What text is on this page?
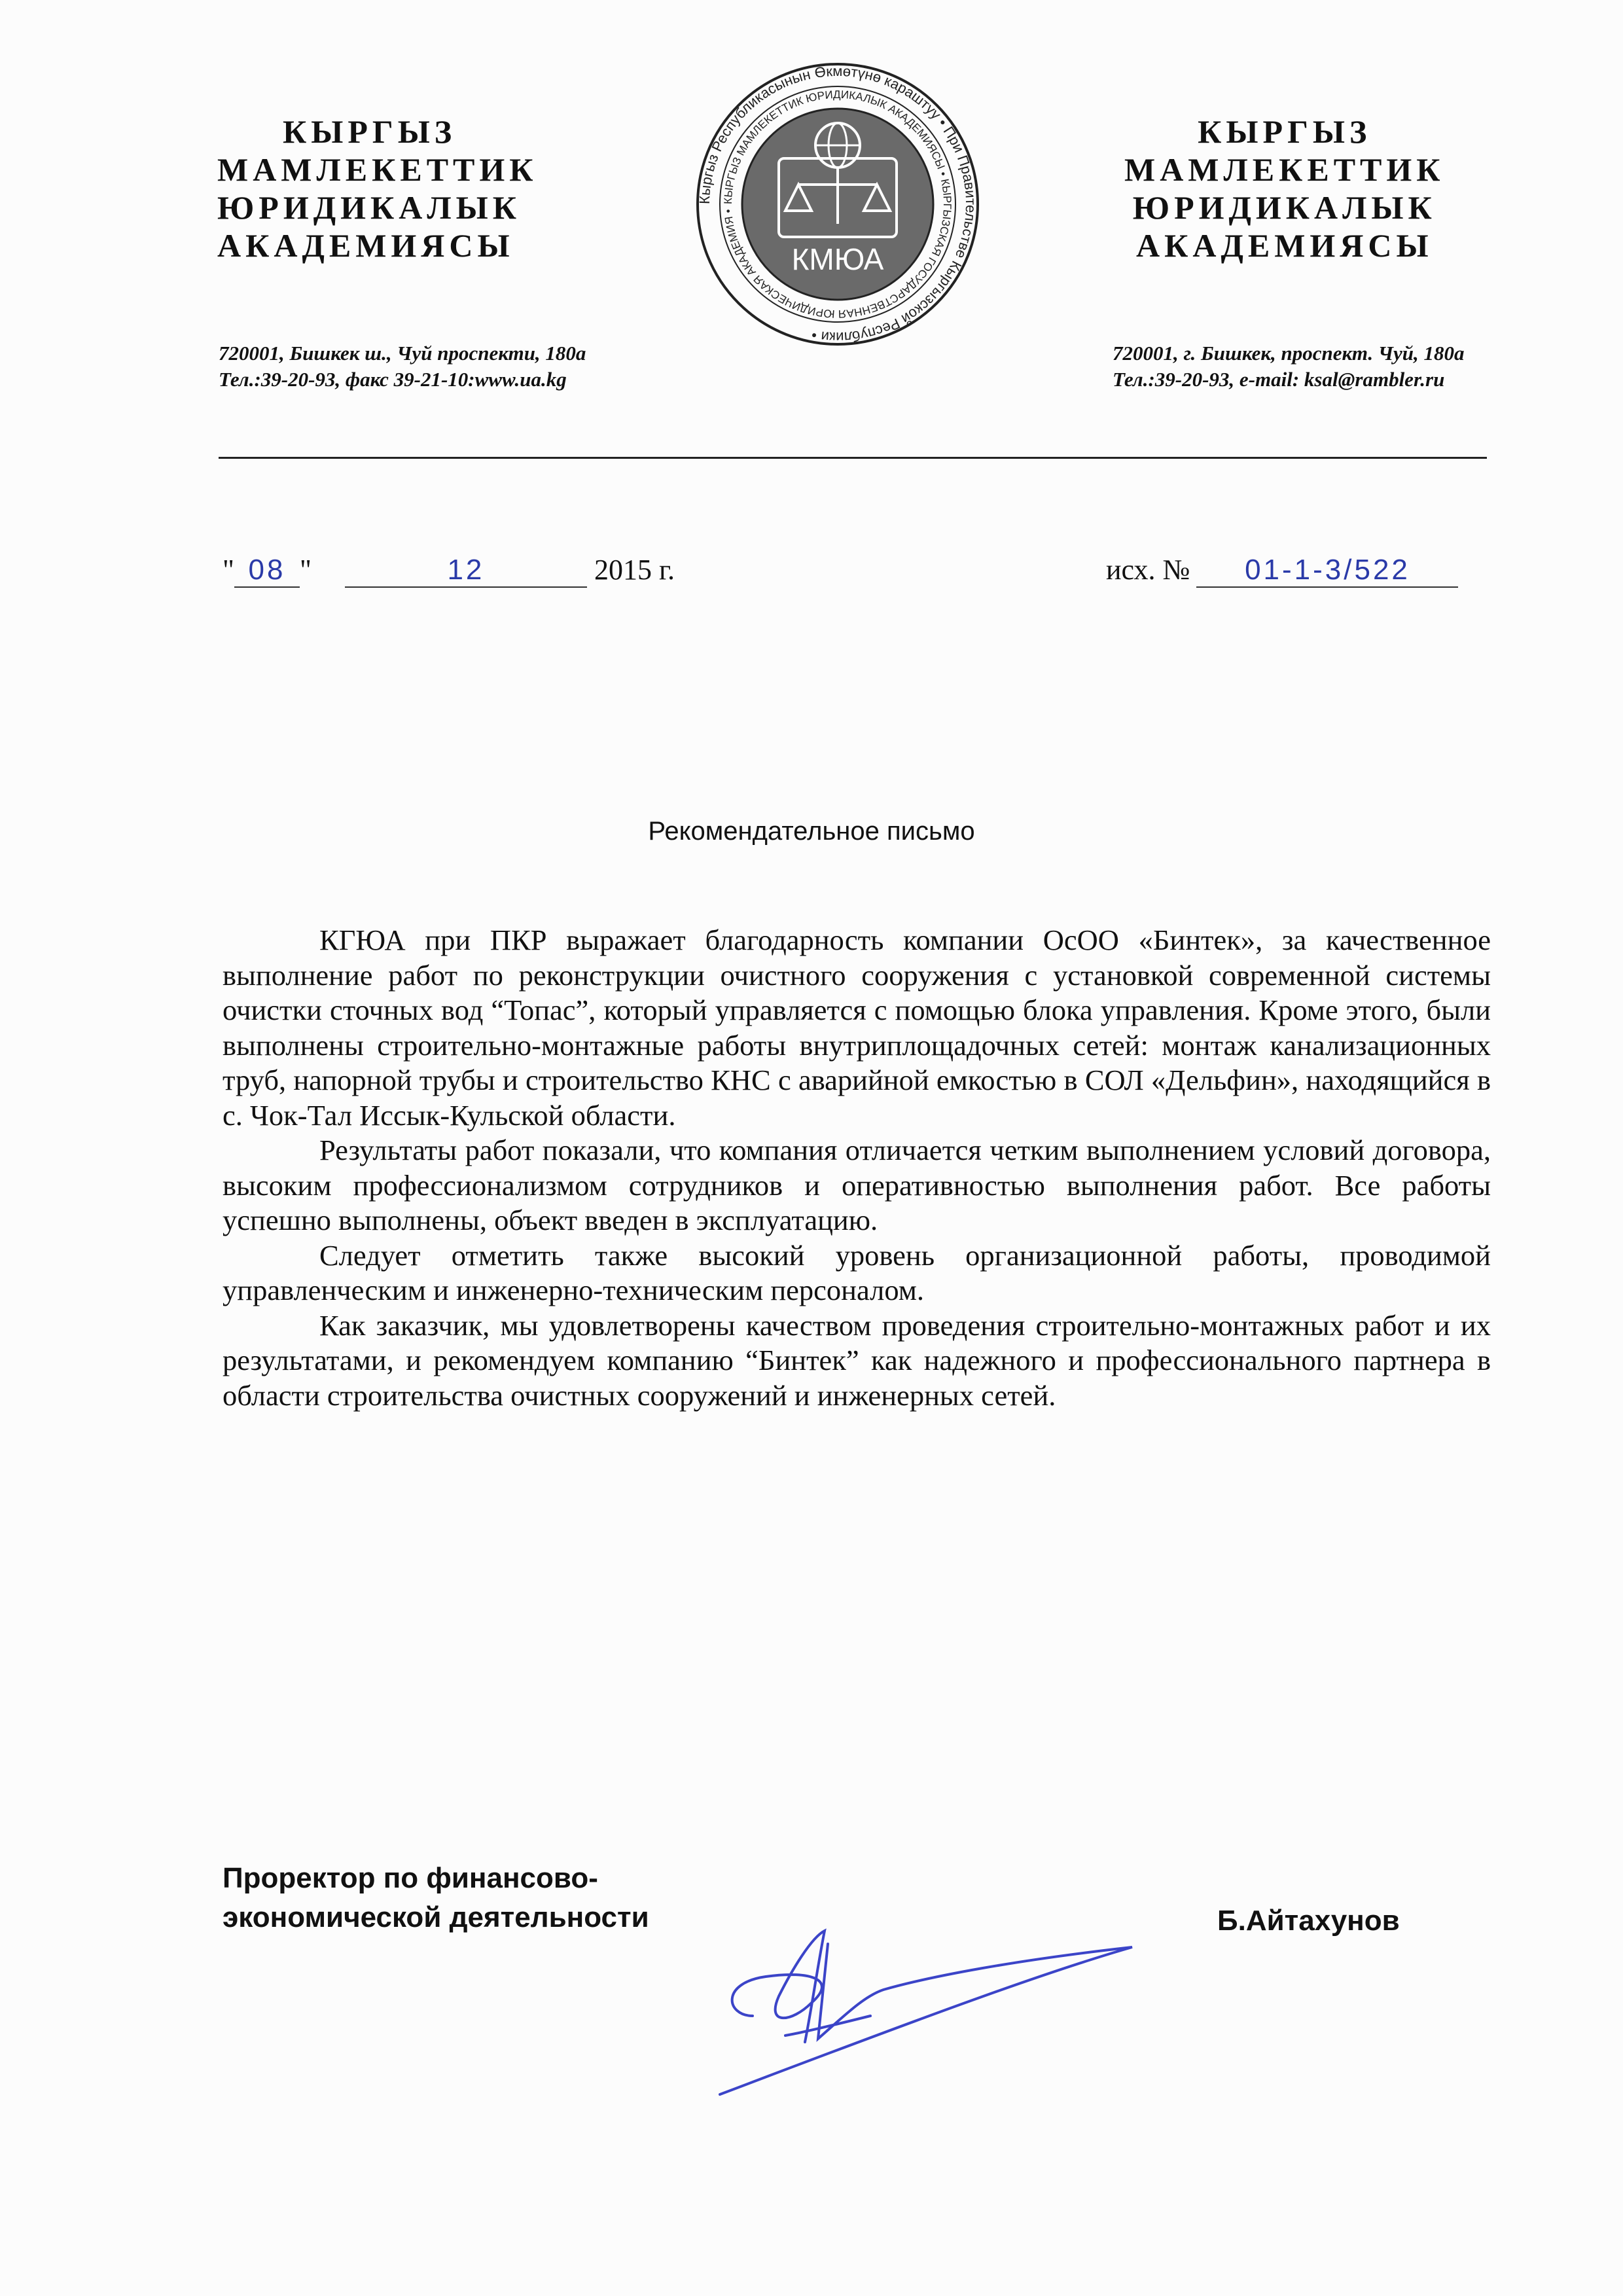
КЫРГЫЗ
МАМЛЕКЕТТИК
ЮРИДИКАЛЫК
АКАДЕМИЯСЫ
Кыргыз Республикасынын Өкмөтүнө караштуу • При Правительстве Кыргызской Республики •
КЫРГЫЗ МАМЛЕКЕТТИК ЮРИДИКАЛЫК АКАДЕМИЯСЫ • КЫРГЫЗСКАЯ ГОСУДАРСТВЕННАЯ ЮРИДИЧЕСКАЯ АКАДЕМИЯ •
КМЮА
КЫРГЫЗ
МАМЛЕКЕТТИК
ЮРИДИКАЛЫК
АКАДЕМИЯСЫ
720001, Бишкек ш., Чуй проспекти, 180а
Тел.:39-20-93, факс 39-21-10:www.ua.kg
720001, г. Бишкек, проспект. Чуй, 180а
Тел.:39-20-93, e-mail: ksal@rambler.ru
" 08 "	12	2015 г.	исх. № 01-1-3/522
Рекомендательное письмо

КГЮА при ПКР выражает благодарность компании ОсОО «Бинтек», за качественное выполнение работ по реконструкции очистного сооружения с установкой современной системы очистки сточных вод “Топас”, который управляется с помощью блока управления. Кроме этого, были выполнены строительно-монтажные работы внутриплощадочных сетей: монтаж канализационных труб, напорной трубы и строительство КНС с аварийной емкостью в СОЛ «Дельфин», находящийся в с. Чок-Тал Иссык-Кульской области.

Результаты работ показали, что компания отличается четким выполнением условий договора, высоким профессионализмом сотрудников и оперативностью выполнения работ. Все работы успешно выполнены, объект введен в эксплуатацию.

Следует отметить также высокий уровень организационной работы, проводимой управленческим и инженерно-техническим персоналом.

Как заказчик, мы удовлетворены качеством проведения строительно-монтажных работ и их результатами, и рекомендуем компанию “Бинтек” как надежного и профессионального партнера в области строительства очистных сооружений и инженерных сетей.

Проректор по финансово-
экономической деятельности	Б.Айтахунов
